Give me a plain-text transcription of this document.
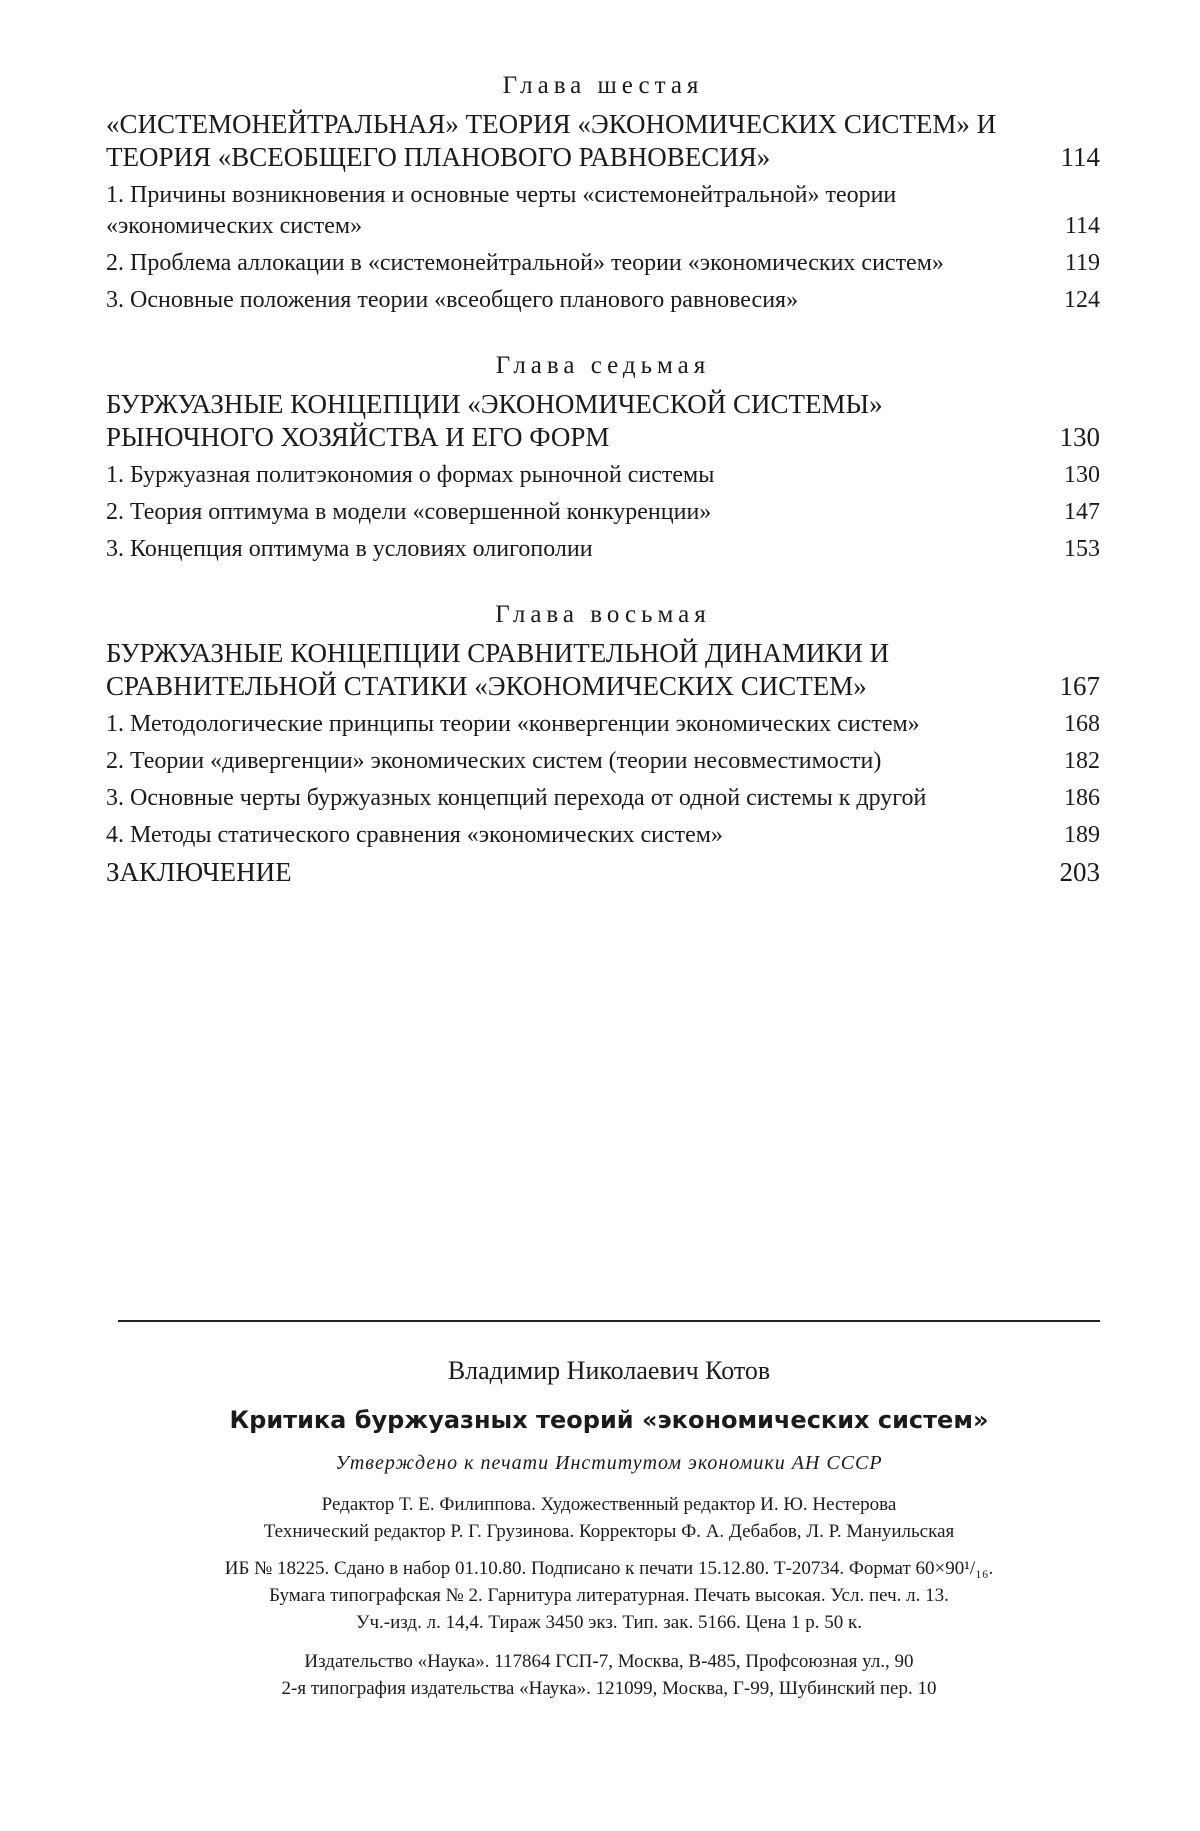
Глава шестая
«СИСТЕМОНЕЙТРАЛЬНАЯ» ТЕОРИЯ «ЭКОНОМИЧЕСКИХ СИСТЕМ» И ТЕОРИЯ «ВСЕОБЩЕГО ПЛАНОВОГО РАВНОВЕСИЯ»	114
1. Причины возникновения и основные черты «системонейтральной» теории «экономических систем»	114
2. Проблема аллокации в «системонейтральной» теории «экономических систем»	119
3. Основные положения теории «всеобщего планового равновесия»	124
Глава седьмая
БУРЖУАЗНЫЕ КОНЦЕПЦИИ «ЭКОНОМИЧЕСКОЙ СИСТЕМЫ» РЫНОЧНОГО ХОЗЯЙСТВА И ЕГО ФОРМ	130
1. Буржуазная политэкономия о формах рыночной системы	130
2. Теория оптимума в модели «совершенной конкуренции»	147
3. Концепция оптимума в условиях олигополии	153
Глава восьмая
БУРЖУАЗНЫЕ КОНЦЕПЦИИ СРАВНИТЕЛЬНОЙ ДИНАМИКИ И СРАВНИТЕЛЬНОЙ СТАТИКИ «ЭКОНОМИЧЕСКИХ СИСТЕМ»	167
1. Методологические принципы теории «конвергенции экономических систем»	168
2. Теории «дивергенции» экономических систем (теории несовместимости)	182
3. Основные черты буржуазных концепций перехода от одной системы к другой	186
4. Методы статического сравнения «экономических систем»	189
ЗАКЛЮЧЕНИЕ	203
Владимир Николаевич Котов
Критика буржуазных теорий «экономических систем»
Утверждено к печати Институтом экономики АН СССР
Редактор Т. Е. Филиппова. Художественный редактор И. Ю. Нестерова
Технический редактор Р. Г. Грузинова. Корректоры Ф. А. Дебабов, Л. Р. Мануильская
ИБ № 18225. Сдано в набор 01.10.80. Подписано к печати 15.12.80. Т-20734. Формат 60×90¹/₁₆.
Бумага типографская № 2. Гарнитура литературная. Печать высокая. Усл. печ. л. 13.
Уч.-изд. л. 14,4. Тираж 3450 экз. Тип. зак. 5166. Цена 1 р. 50 к.
Издательство «Наука». 117864 ГСП-7, Москва, В-485, Профсоюзная ул., 90
2-я типография издательства «Наука». 121099, Москва, Г-99, Шубинский пер. 10
